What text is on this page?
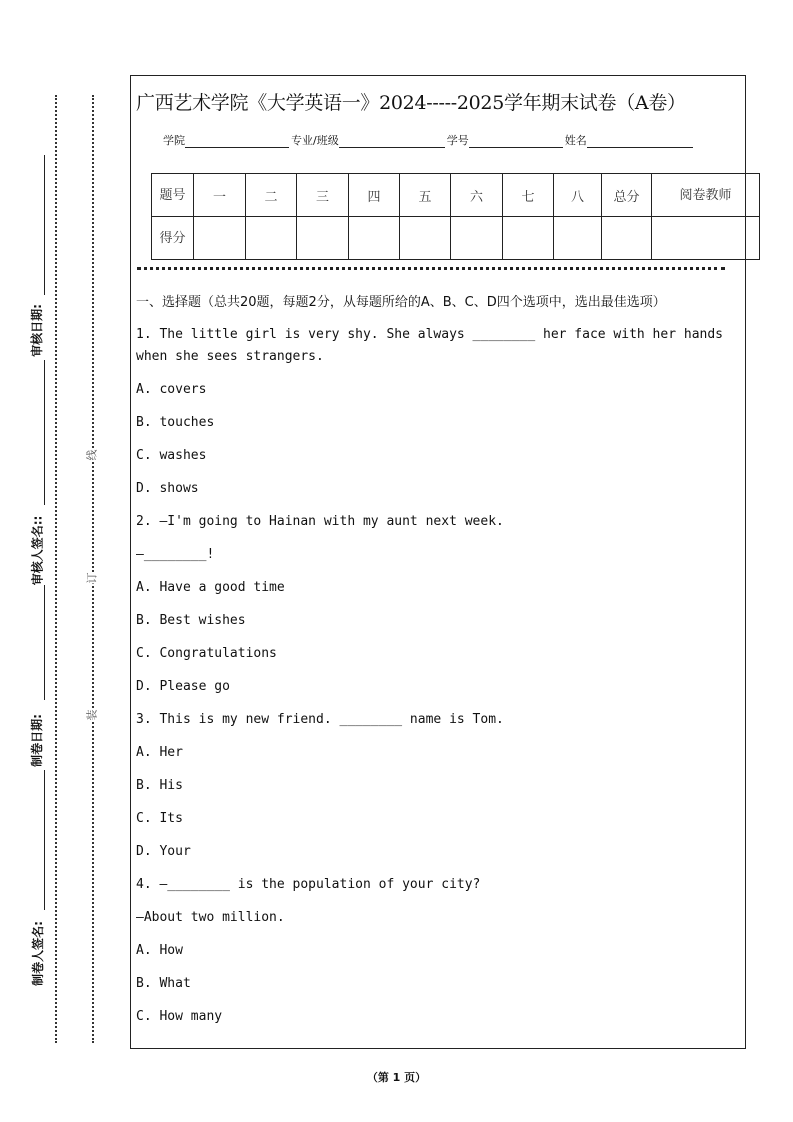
制卷人签名:
制卷日期:
审核人签名::
审核日期:
装
订
线
广西艺术学院《大学英语一》2024-----2025学年期末试卷（A卷）
学院	专业/班级	学号	姓名
题号	一	二	三	四	五	六	七	八	总分	阅卷教师
得分										

一、选择题（总共20题，每题2分，从每题所给的A、B、C、D四个选项中，选出最佳选项）

1. The little girl is very shy. She always ________ her face with her hands when she sees strangers.

A. covers

B. touches

C. washes

D. shows

2. —I'm going to Hainan with my aunt next week.

—________!

A. Have a good time

B. Best wishes

C. Congratulations

D. Please go

3. This is my new friend. ________ name is Tom.

A. Her

B. His

C. Its

D. Your

4. —________ is the population of your city?

—About two million.

A. How

B. What

C. How many

（第 1 页）
